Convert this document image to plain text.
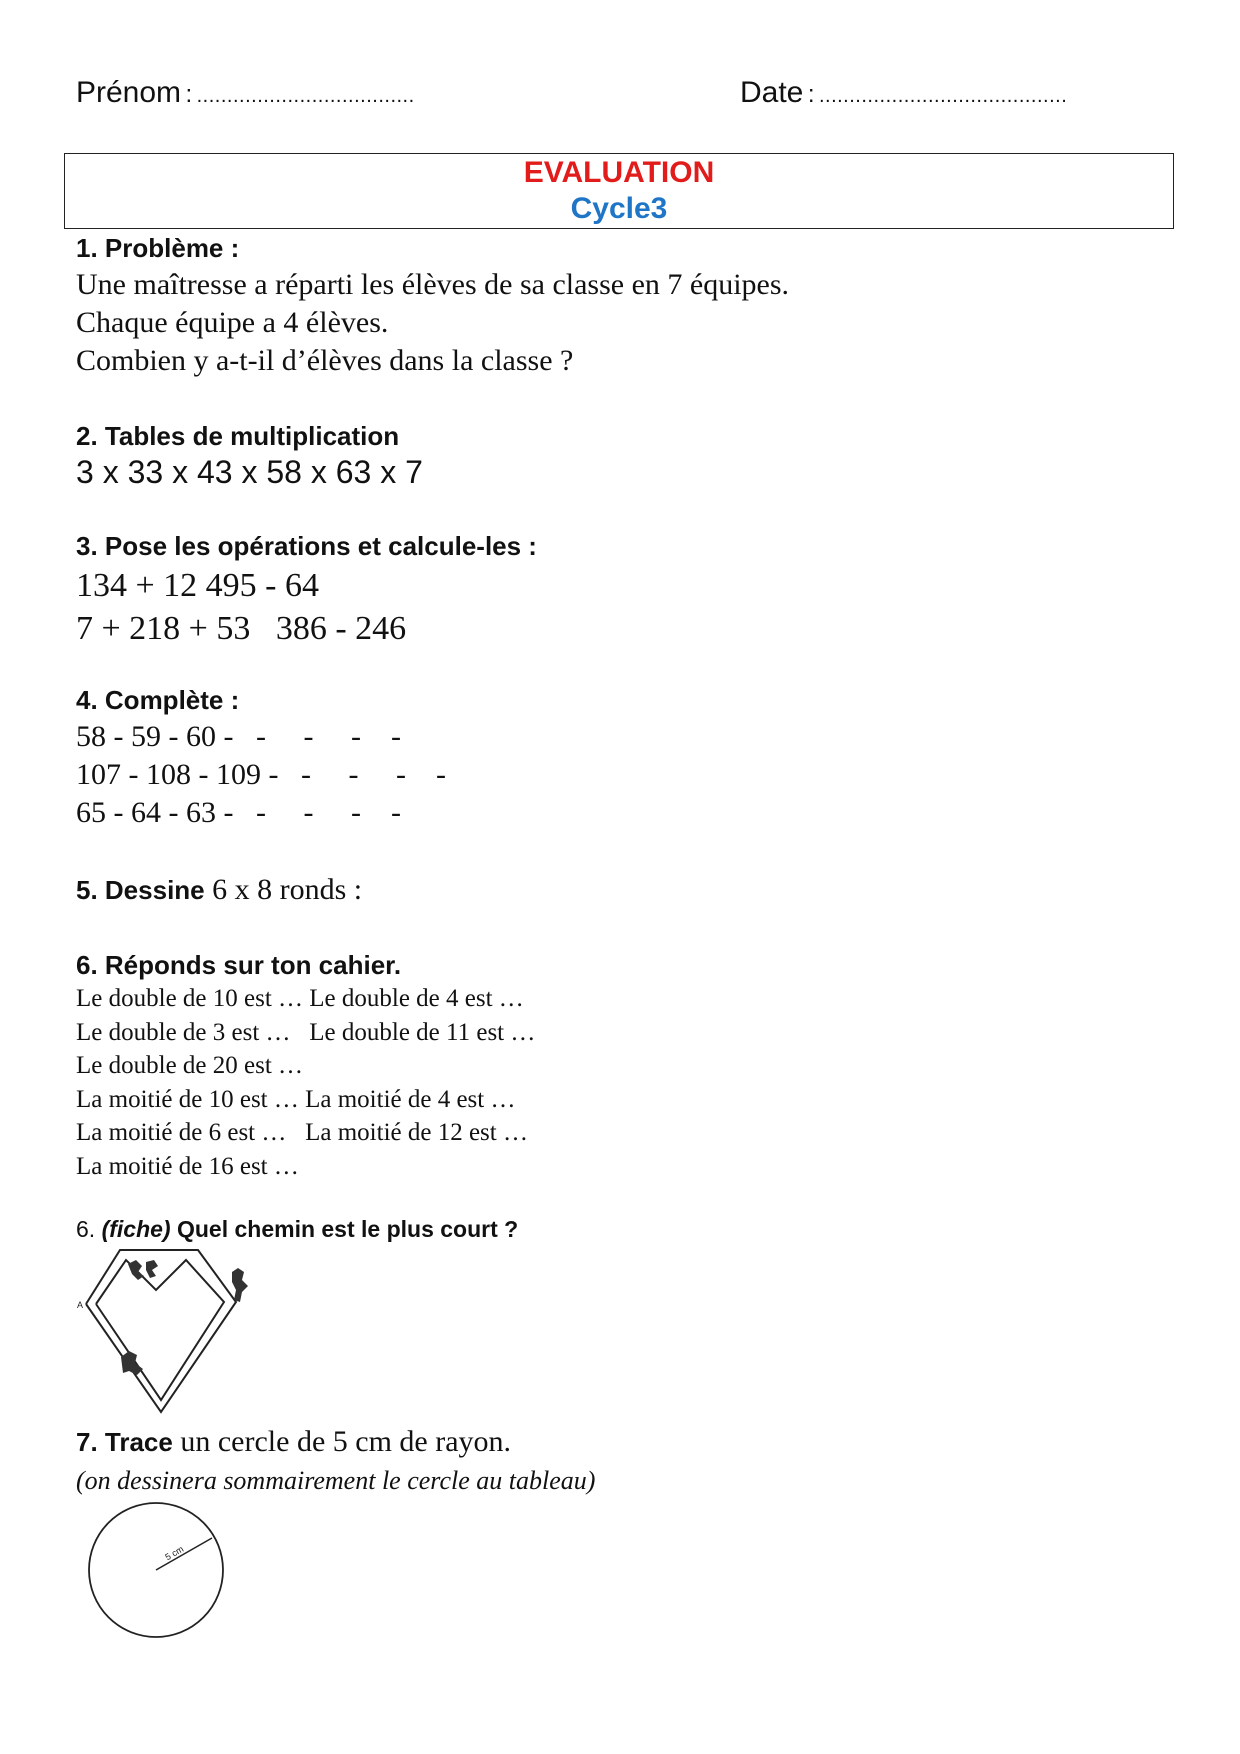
Prénom : ....................................	Date : .........................................
EVALUATION
Cycle3
1. Problème :
Une maîtresse a réparti les élèves de sa classe en 7 équipes.
Chaque équipe a 4 élèves.
Combien y a-t-il d’élèves dans la classe ?
2. Tables de multiplication
3 x 33 x 43 x 58 x 63 x 7
3. Pose les opérations et calcule-les :
134 + 12 495 - 64
7 + 218 + 53   386 - 246
4. Complète :
58 - 59 - 60 -   -     -     -    -
107 - 108 - 109 -   -     -     -    -
65 - 64 - 63 -   -     -     -    -
5. Dessine 6 x 8 ronds :
6. Réponds sur ton cahier.
Le double de 10 est … Le double de 4 est …
Le double de 3 est …   Le double de 11 est …
Le double de 20 est …
La moitié de 10 est … La moitié de 4 est …
La moitié de 6 est …   La moitié de 12 est …
La moitié de 16 est …
6. (fiche) Quel chemin est le plus court ?
A
7. Trace un cercle de 5 cm de rayon.
(on dessinera sommairement le cercle au tableau)
5 cm
